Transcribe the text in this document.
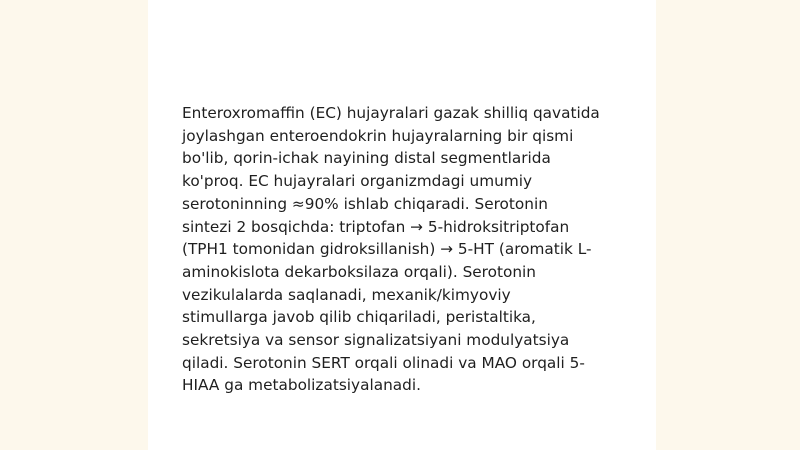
Enteroxromaffin (EC) hujayralari gazak shilliq qavatida
joylashgan enteroendokrin hujayralarning bir qismi
bo'lib, qorin-ichak nayining distal segmentlarida
ko'proq. EC hujayralari organizmdagi umumiy
serotoninning ≈90% ishlab chiqaradi. Serotonin
sintezi 2 bosqichda: triptofan → 5-hidroksitriptofan
(TPH1 tomonidan gidroksillanish) → 5-HT (aromatik L-
aminokislota dekarboksilaza orqali). Serotonin
vezikulalarda saqlanadi, mexanik/kimyoviy
stimullarga javob qilib chiqariladi, peristaltika,
sekretsiya va sensor signalizatsiyani modulyatsiya
qiladi. Serotonin SERT orqali olinadi va MAO orqali 5-
HIAA ga metabolizatsiyalanadi.
